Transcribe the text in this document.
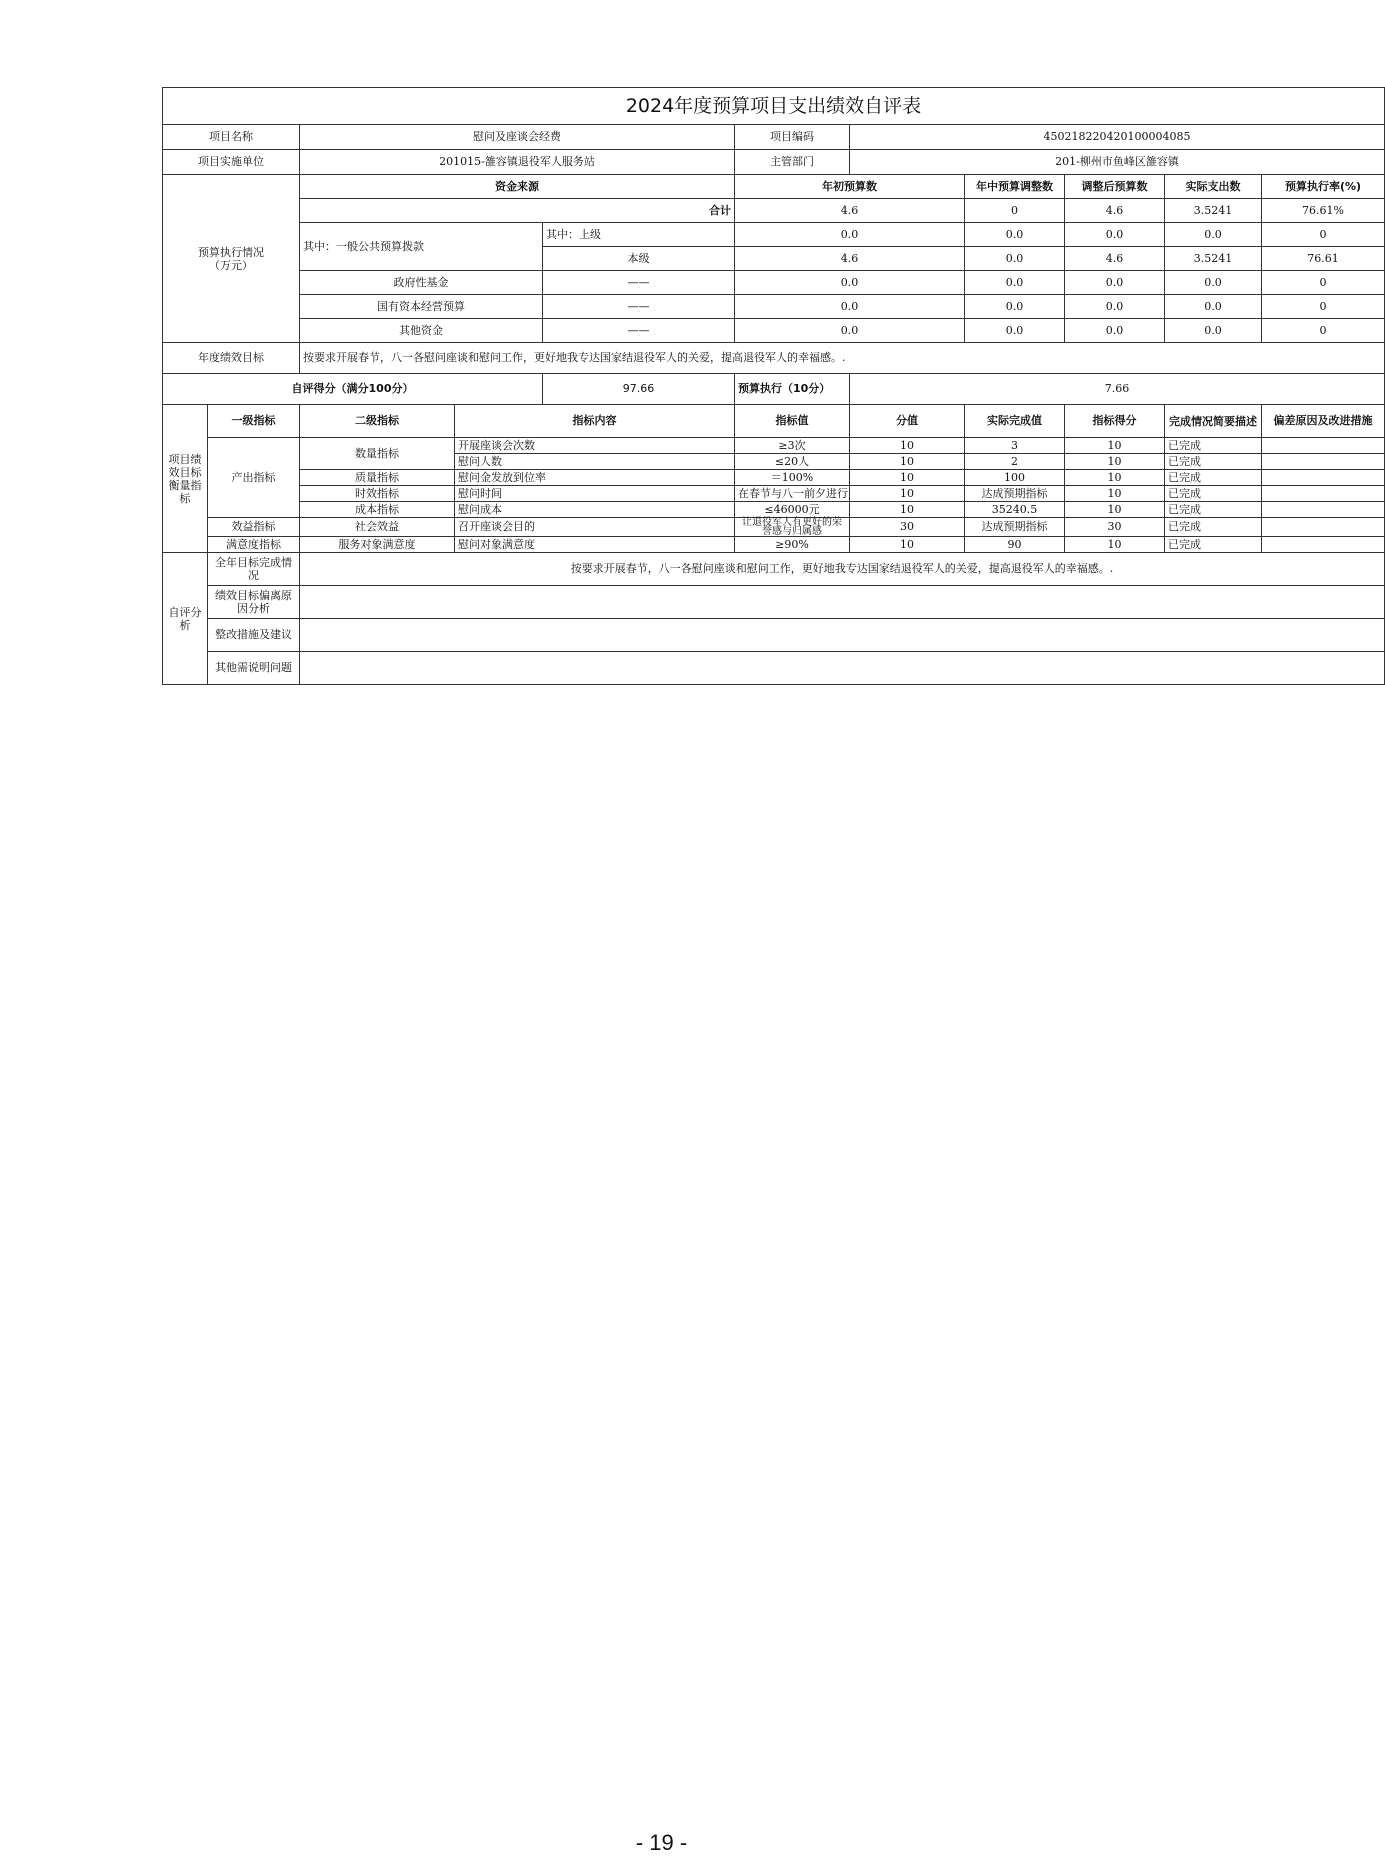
2024年度预算项目支出绩效自评表										
项目名称		慰问及座谈会经费			项目编码	450218220420100004085				
项目实施单位		201015-雒容镇退役军人服务站			主管部门	201-柳州市鱼峰区雒容镇				
预算执行情况
（万元）		资金来源			年初预算数		年中预算调整数	调整后预算数	实际支出数	预算执行率(%)
		合计			4.6		0	4.6	3.5241	76.61%
		其中：一般公共预算拨款		其中：上级	0.0		0.0	0.0	0.0	0
				本级	4.6		0.0	4.6	3.5241	76.61
		政府性基金		——	0.0		0.0	0.0	0.0	0
		国有资本经营预算		——	0.0		0.0	0.0	0.0	0
		其他资金		——	0.0		0.0	0.0	0.0	0
年度绩效目标		按要求开展春节，八一各慰问座谈和慰问工作，更好地我专达国家结退役军人的关爱，提高退役军人的幸福感。.								
自评得分（满分100分）				97.66	预算执行（10分）	7.66				
项目绩效目标衡量指标	一级指标	二级指标	指标内容		指标值	分值	实际完成值	指标得分	完成情况简要描述	偏差原因及改进措施
	产出指标	数量指标	开展座谈会次数		≥3次	10	3	10	已完成	
			慰问人数		≤20人	10	2	10	已完成	
		质量指标	慰问金发放到位率		＝100%	10	100	10	已完成	
		时效指标	慰问时间		在春节与八一前夕进行	10	达成预期指标	10	已完成	
		成本指标	慰问成本		≤46000元	10	35240.5	10	已完成	
	效益指标	社会效益	召开座谈会目的		让退役军人有更好的荣誉感与归属感	30	达成预期指标	30	已完成	
	满意度指标	服务对象满意度	慰问对象满意度		≥90%	10	90	10	已完成	
自评分析	全年目标完成情况	按要求开展春节，八一各慰问座谈和慰问工作，更好地我专达国家结退役军人的关爱，提高退役军人的幸福感。.								
	绩效目标偏离原因分析									
	整改措施及建议									
	其他需说明问题									
- 19 -
